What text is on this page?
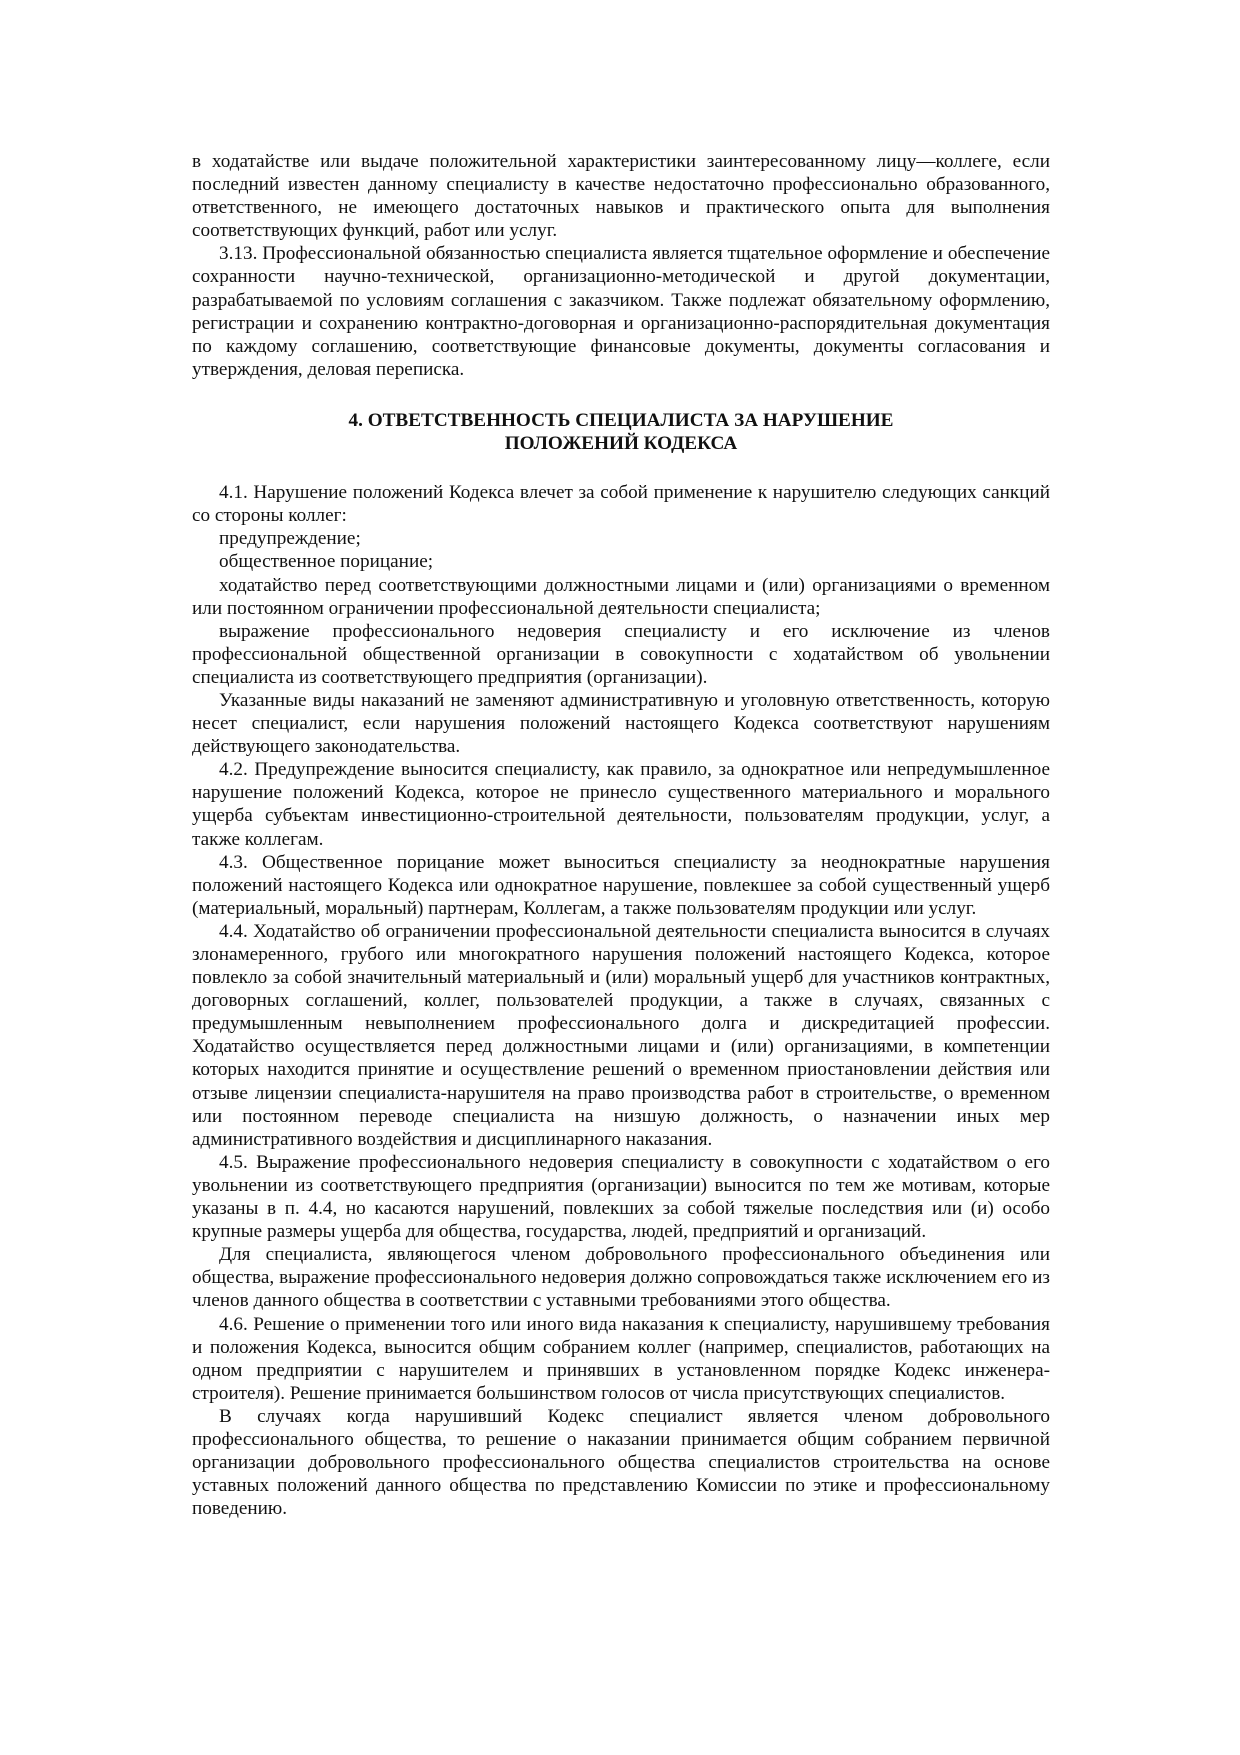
в ходатайстве или выдаче положительной характеристики заинтересованному лицу—коллеге, если последний известен данному специалисту в качестве недостаточно профессионально образованного, ответственного, не имеющего достаточных навыков и практического опыта для выполнения соответствующих функций, работ или услуг.

3.13. Профессиональной обязанностью специалиста является тщательное оформление и обеспечение сохранности научно-технической, организационно-методической и другой документации, разрабатываемой по условиям соглашения с заказчиком. Также подлежат обязательному оформлению, регистрации и сохранению контрактно-договорная и организационно-распорядительная документация по каждому соглашению, соответствующие финансовые документы, документы согласования и утверждения, деловая переписка.

4. ОТВЕТСТВЕННОСТЬ СПЕЦИАЛИСТА ЗА НАРУШЕНИЕ
ПОЛОЖЕНИЙ КОДЕКСА

4.1. Нарушение положений Кодекса влечет за собой применение к нарушителю следующих санкций со стороны коллег:

предупреждение;

общественное порицание;

ходатайство перед соответствующими должностными лицами и (или) организациями о временном или постоянном ограничении профессиональной деятельности специалиста;

выражение профессионального недоверия специалисту и его исключение из членов профессиональной общественной организации в совокупности с ходатайством об увольнении специалиста из соответствующего предприятия (организации).

Указанные виды наказаний не заменяют административную и уголовную ответственность, которую несет специалист, если нарушения положений настоящего Кодекса соответствуют нарушениям действующего законодательства.

4.2. Предупреждение выносится специалисту, как правило, за однократное или непредумышленное нарушение положений Кодекса, которое не принесло существенного материального и морального ущерба субъектам инвестиционно-строительной деятельности, пользователям продукции, услуг, а также коллегам.

4.3. Общественное порицание может выноситься специалисту за неоднократные нарушения положений настоящего Кодекса или однократное нарушение, повлекшее за собой существенный ущерб (материальный, моральный) партнерам, Коллегам, а также пользователям продукции или услуг.

4.4. Ходатайство об ограничении профессиональной деятельности специалиста выносится в случаях злонамеренного, грубого или многократного нарушения положений настоящего Кодекса, которое повлекло за собой значительный материальный и (или) моральный ущерб для участников контрактных, договорных соглашений, коллег, пользователей продукции, а также в случаях, связанных с предумышленным невыполнением профессионального долга и дискредитацией профессии. Ходатайство осуществляется перед должностными лицами и (или) организациями, в компетенции которых находится принятие и осуществление решений о временном приостановлении действия или отзыве лицензии специалиста-нарушителя на право производства работ в строительстве, о временном или постоянном переводе специалиста на низшую должность, о назначении иных мер административного воздействия и дисциплинарного наказания.

4.5. Выражение профессионального недоверия специалисту в совокупности с ходатайством о его увольнении из соответствующего предприятия (организации) выносится по тем же мотивам, которые указаны в п. 4.4, но касаются нарушений, повлекших за собой тяжелые последствия или (и) особо крупные размеры ущерба для общества, государства, людей, предприятий и организаций.

Для специалиста, являющегося членом добровольного профессионального объединения или общества, выражение профессионального недоверия должно сопровождаться также исключением его из членов данного общества в соответствии с уставными требованиями этого общества.

4.6. Решение о применении того или иного вида наказания к специалисту, нарушившему требования и положения Кодекса, выносится общим собранием коллег (например, специалистов, работающих на одном предприятии с нарушителем и принявших в установленном порядке Кодекс инженера-строителя). Решение принимается большинством голосов от числа присутствующих специалистов.

В случаях когда нарушивший Кодекс специалист является членом добровольного профессионального общества, то решение о наказании принимается общим собранием первичной организации добровольного профессионального общества специалистов строительства на основе уставных положений данного общества по представлению Комиссии по этике и профессиональному поведению.
